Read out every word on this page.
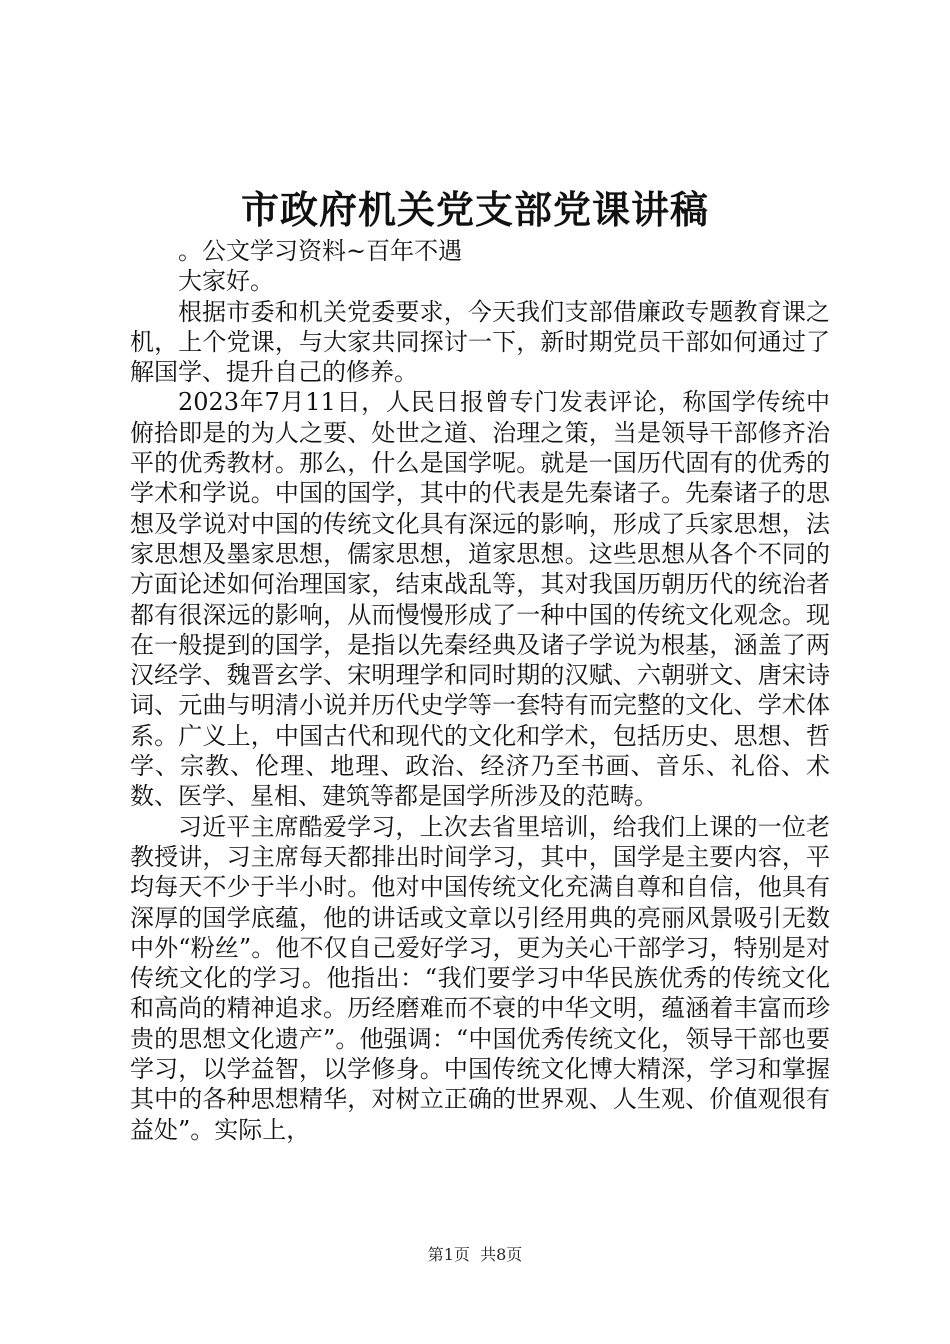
市政府机关党支部党课讲稿

。公文学习资料~百年不遇

大家好。

根据市委和机关党委要求，今天我们支部借廉政专题教育课之机，上个党课，与大家共同探讨一下，新时期党员干部如何通过了解国学、提升自己的修养。

2023年7月11日，人民日报曾专门发表评论，称国学传统中俯拾即是的为人之要、处世之道、治理之策，当是领导干部修齐治平的优秀教材。那么，什么是国学呢。就是一国历代固有的优秀的学术和学说。中国的国学，其中的代表是先秦诸子。先秦诸子的思想及学说对中国的传统文化具有深远的影响，形成了兵家思想，法家思想及墨家思想，儒家思想，道家思想。这些思想从各个不同的方面论述如何治理国家，结束战乱等，其对我国历朝历代的统治者都有很深远的影响，从而慢慢形成了一种中国的传统文化观念。现在一般提到的国学，是指以先秦经典及诸子学说为根基，涵盖了两汉经学、魏晋玄学、宋明理学和同时期的汉赋、六朝骈文、唐宋诗词、元曲与明清小说并历代史学等一套特有而完整的文化、学术体系。广义上，中国古代和现代的文化和学术，包括历史、思想、哲学、宗教、伦理、地理、政治、经济乃至书画、音乐、礼俗、术数、医学、星相、建筑等都是国学所涉及的范畴。

习近平主席酷爱学习，上次去省里培训，给我们上课的一位老教授讲，习主席每天都排出时间学习，其中，国学是主要内容，平均每天不少于半小时。他对中国传统文化充满自尊和自信，他具有深厚的国学底蕴，他的讲话或文章以引经用典的亮丽风景吸引无数中外“粉丝”。他不仅自己爱好学习，更为关心干部学习，特别是对传统文化的学习。他指出：“我们要学习中华民族优秀的传统文化和高尚的精神追求。历经磨难而不衰的中华文明，蕴涵着丰富而珍贵的思想文化遗产”。他强调：“中国优秀传统文化，领导干部也要学习，以学益智，以学修身。中国传统文化博大精深，学习和掌握其中的各种思想精华，对树立正确的世界观、人生观、价值观很有益处”。实际上，

第1页 共8页
